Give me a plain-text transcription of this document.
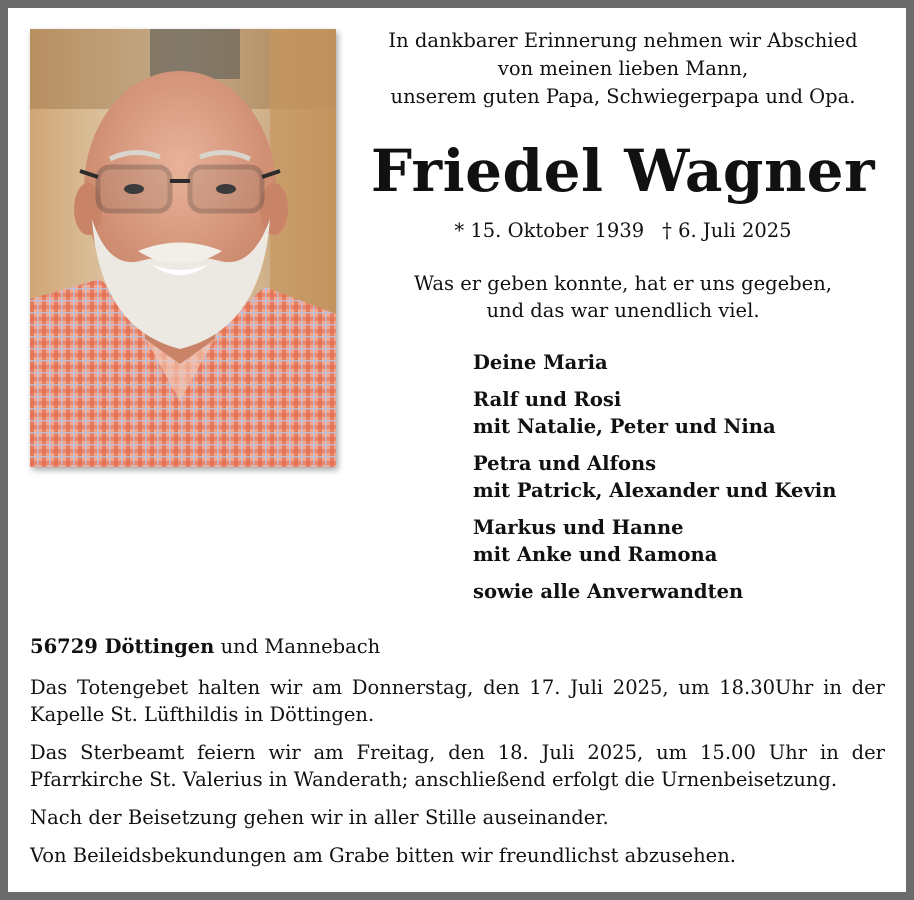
In dankbarer Erinnerung nehmen wir Abschied
von meinen lieben Mann,
unserem guten Papa, Schwiegerpapa und Opa.
Friedel Wagner
* 15. Oktober 1939 † 6. Juli 2025
Was er geben konnte, hat er uns gegeben,
und das war unendlich viel.
Deine Maria
Ralf und Rosi
mit Natalie, Peter und Nina
Petra und Alfons
mit Patrick, Alexander und Kevin
Markus und Hanne
mit Anke und Ramona
sowie alle Anverwandten
56729 Döttingen und Mannebach

Das Totengebet halten wir am Donnerstag, den 17. Juli 2025, um 18.30Uhr in der Kapelle St. Lüfthildis in Döttingen.

Das Sterbeamt feiern wir am Freitag, den 18. Juli 2025, um 15.00 Uhr in der Pfarrkirche St. Valerius in Wanderath; anschließend erfolgt die Urnenbeisetzung.

Nach der Beisetzung gehen wir in aller Stille auseinander.

Von Beileidsbekundungen am Grabe bitten wir freundlichst abzusehen.
